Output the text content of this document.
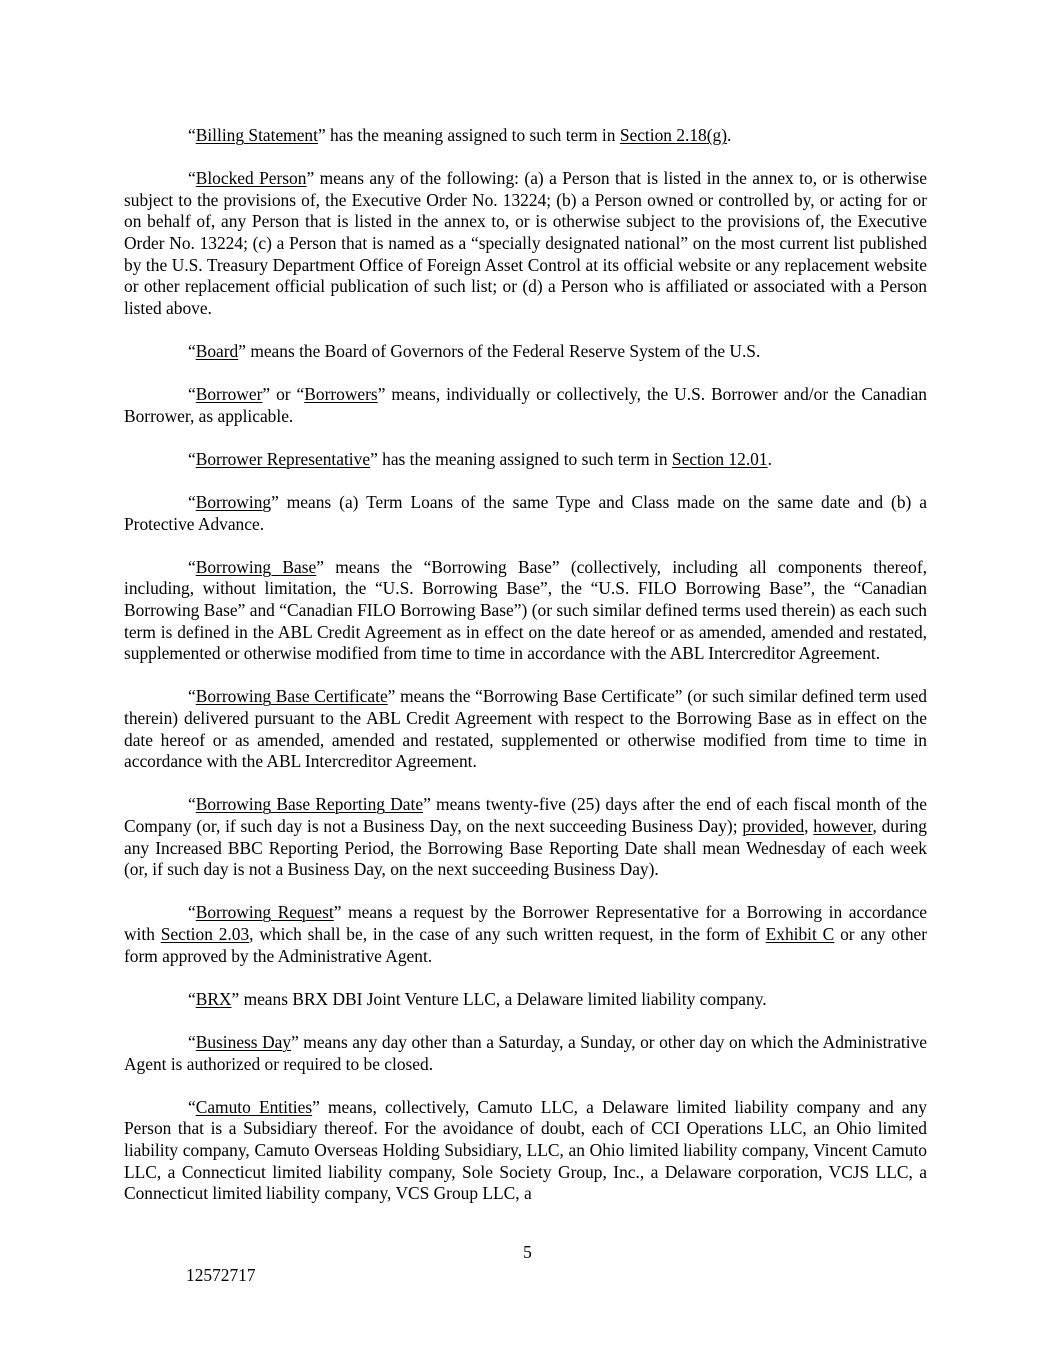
“Billing Statement” has the meaning assigned to such term in Section 2.18(g).

“Blocked Person” means any of the following: (a) a Person that is listed in the annex to, or is otherwise subject to the provisions of, the Executive Order No. 13224; (b) a Person owned or controlled by, or acting for or on behalf of, any Person that is listed in the annex to, or is otherwise subject to the provisions of, the Executive Order No. 13224; (c) a Person that is named as a “specially designated national” on the most current list published by the U.S. Treasury Department Office of Foreign Asset Control at its official website or any replacement website or other replacement official publication of such list; or (d) a Person who is affiliated or associated with a Person listed above.

“Board” means the Board of Governors of the Federal Reserve System of the U.S.

“Borrower” or “Borrowers” means, individually or collectively, the U.S. Borrower and/or the Canadian Borrower, as applicable.

“Borrower Representative” has the meaning assigned to such term in Section 12.01.

“Borrowing” means (a) Term Loans of the same Type and Class made on the same date and (b) a Protective Advance.

“Borrowing Base” means the “Borrowing Base” (collectively, including all components thereof, including, without limitation, the “U.S. Borrowing Base”, the “U.S. FILO Borrowing Base”, the “Canadian Borrowing Base” and “Canadian FILO Borrowing Base”) (or such similar defined terms used therein) as each such term is defined in the ABL Credit Agreement as in effect on the date hereof or as amended, amended and restated, supplemented or otherwise modified from time to time in accordance with the ABL Intercreditor Agreement.

“Borrowing Base Certificate” means the “Borrowing Base Certificate” (or such similar defined term used therein) delivered pursuant to the ABL Credit Agreement with respect to the Borrowing Base as in effect on the date hereof or as amended, amended and restated, supplemented or otherwise modified from time to time in accordance with the ABL Intercreditor Agreement.

“Borrowing Base Reporting Date” means twenty-five (25) days after the end of each fiscal month of the Company (or, if such day is not a Business Day, on the next succeeding Business Day); provided, however, during any Increased BBC Reporting Period, the Borrowing Base Reporting Date shall mean Wednesday of each week (or, if such day is not a Business Day, on the next succeeding Business Day).

“Borrowing Request” means a request by the Borrower Representative for a Borrowing in accordance with Section 2.03, which shall be, in the case of any such written request, in the form of Exhibit C or any other form approved by the Administrative Agent.

“BRX” means BRX DBI Joint Venture LLC, a Delaware limited liability company.

“Business Day” means any day other than a Saturday, a Sunday, or other day on which the Administrative Agent is authorized or required to be closed.

“Camuto Entities” means, collectively, Camuto LLC, a Delaware limited liability company and any Person that is a Subsidiary thereof. For the avoidance of doubt, each of CCI Operations LLC, an Ohio limited liability company, Camuto Overseas Holding Subsidiary, LLC, an Ohio limited liability company, Vincent Camuto LLC, a Connecticut limited liability company, Sole Society Group, Inc., a Delaware corporation, VCJS LLC, a Connecticut limited liability company, VCS Group LLC, a

5
12572717
